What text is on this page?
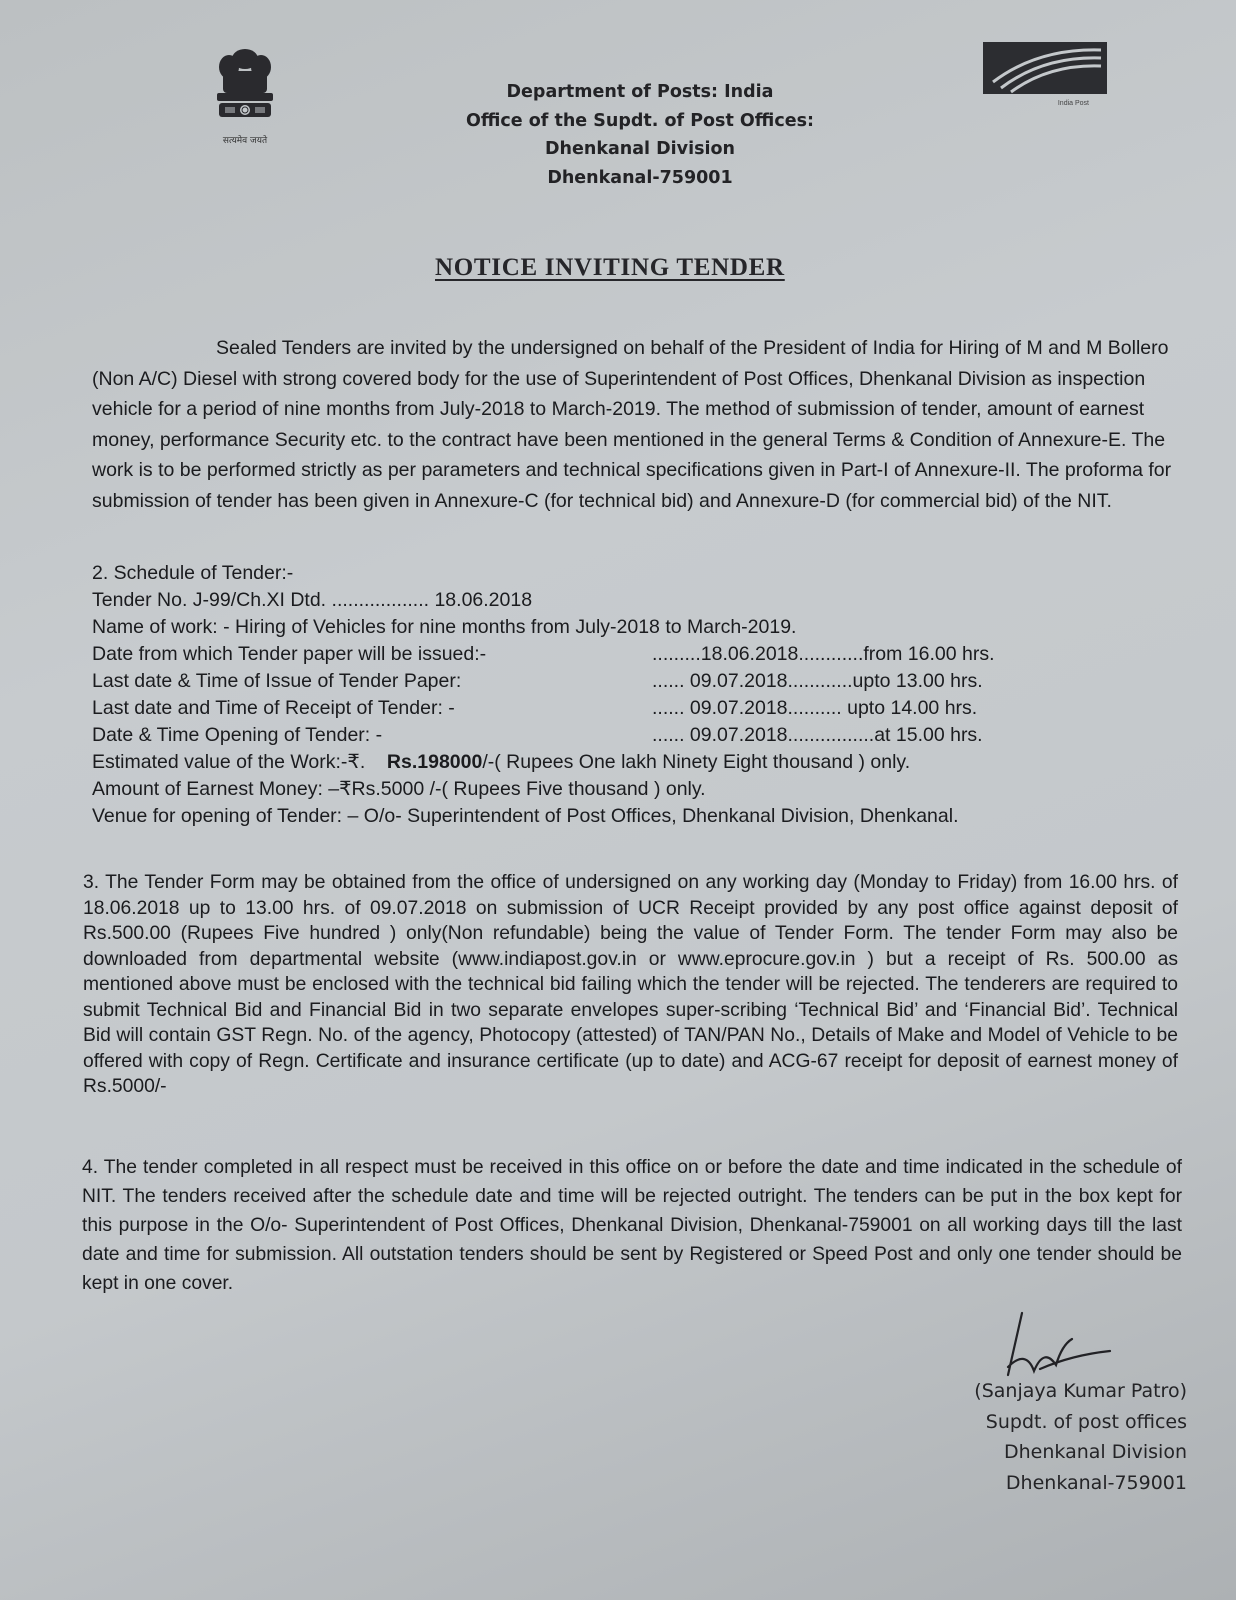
सत्यमेव जयते
India Post
Department of Posts: India
Office of the Supdt. of Post Offices:
Dhenkanal Division
Dhenkanal-759001
NOTICE INVITING TENDER
Sealed Tenders are invited by the undersigned on behalf of the President of India for Hiring of M and M Bollero (Non A/C) Diesel with strong covered body for the use of Superintendent of Post Offices, Dhenkanal Division as inspection vehicle for a period of nine months from July-2018 to March-2019. The method of submission of tender, amount of earnest money, performance Security etc. to the contract have been mentioned in the general Terms & Condition of Annexure-E. The work is to be performed strictly as per parameters and technical specifications given in Part-I of Annexure-II. The proforma for submission of tender has been given in Annexure-C (for technical bid) and Annexure-D (for commercial bid) of the NIT.
2. Schedule of Tender:-
Tender No. J-99/Ch.XI Dtd. .................. 18.06.2018
Name of work: - Hiring of Vehicles for nine months from July-2018 to March-2019.
Date from which Tender paper will be issued:-	.........18.06.2018............from 16.00 hrs.
Last date & Time of Issue of Tender Paper:	...... 09.07.2018............upto 13.00 hrs.
Last date and Time of Receipt of Tender: -	...... 09.07.2018.......... upto 14.00 hrs.
Date & Time Opening of Tender: -	...... 09.07.2018................at 15.00 hrs.
Estimated value of the Work:-₹. Rs.198000/-( Rupees One lakh Ninety Eight thousand ) only.
Amount of Earnest Money: –₹Rs.5000 /-( Rupees Five thousand ) only.
Venue for opening of Tender: – O/o- Superintendent of Post Offices, Dhenkanal Division, Dhenkanal.
3. The Tender Form may be obtained from the office of undersigned on any working day (Monday to Friday) from 16.00 hrs. of 18.06.2018 up to 13.00 hrs. of 09.07.2018 on submission of UCR Receipt provided by any post office against deposit of Rs.500.00 (Rupees Five hundred ) only(Non refundable) being the value of Tender Form. The tender Form may also be downloaded from departmental website (www.indiapost.gov.in or www.eprocure.gov.in ) but a receipt of Rs. 500.00 as mentioned above must be enclosed with the technical bid failing which the tender will be rejected. The tenderers are required to submit Technical Bid and Financial Bid in two separate envelopes super-scribing ‘Technical Bid’ and ‘Financial Bid’. Technical Bid will contain GST Regn. No. of the agency, Photocopy (attested) of TAN/PAN No., Details of Make and Model of Vehicle to be offered with copy of Regn. Certificate and insurance certificate (up to date) and ACG-67 receipt for deposit of earnest money of Rs.5000/-
4. The tender completed in all respect must be received in this office on or before the date and time indicated in the schedule of NIT. The tenders received after the schedule date and time will be rejected outright. The tenders can be put in the box kept for this purpose in the O/o- Superintendent of Post Offices, Dhenkanal Division, Dhenkanal-759001 on all working days till the last date and time for submission. All outstation tenders should be sent by Registered or Speed Post and only one tender should be kept in one cover.
(Sanjaya Kumar Patro)
Supdt. of post offices
Dhenkanal Division
Dhenkanal-759001
